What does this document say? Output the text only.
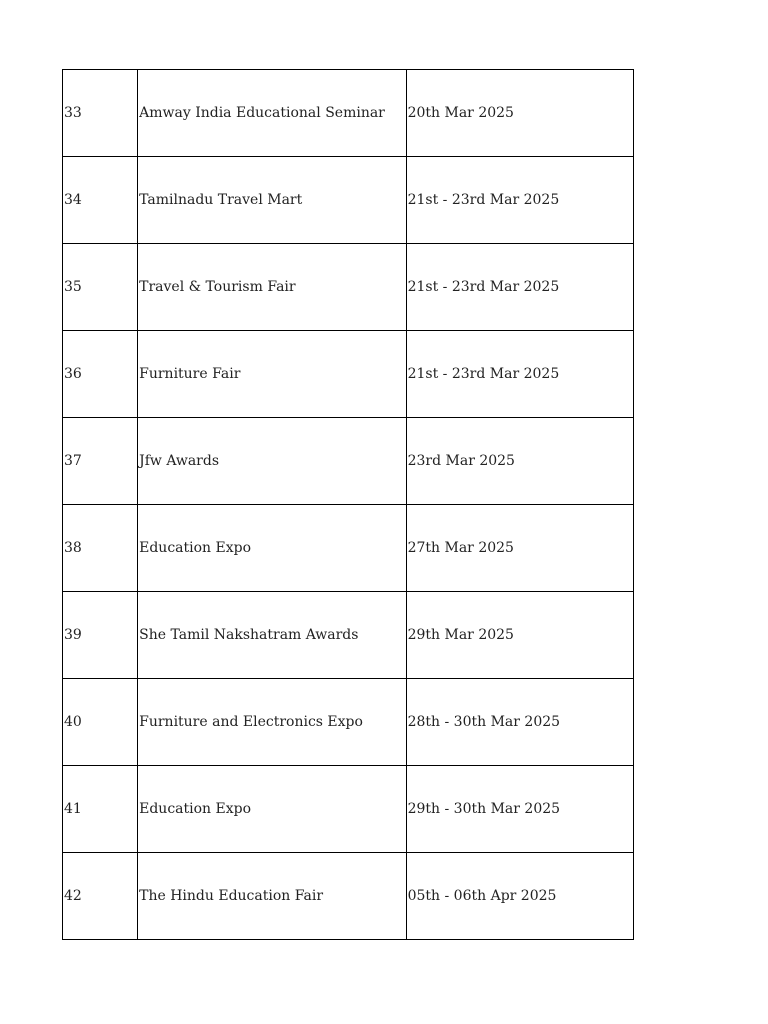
33	Amway India Educational Seminar	20th Mar 2025
34	Tamilnadu Travel Mart	21st - 23rd Mar 2025
35	Travel & Tourism Fair	21st - 23rd Mar 2025
36	Furniture Fair	21st - 23rd Mar 2025
37	Jfw Awards	23rd Mar 2025
38	Education Expo	27th Mar 2025
39	She Tamil Nakshatram Awards	29th Mar 2025
40	Furniture and Electronics Expo	28th - 30th Mar 2025
41	Education Expo	29th - 30th Mar 2025
42	The Hindu Education Fair	05th - 06th Apr 2025
